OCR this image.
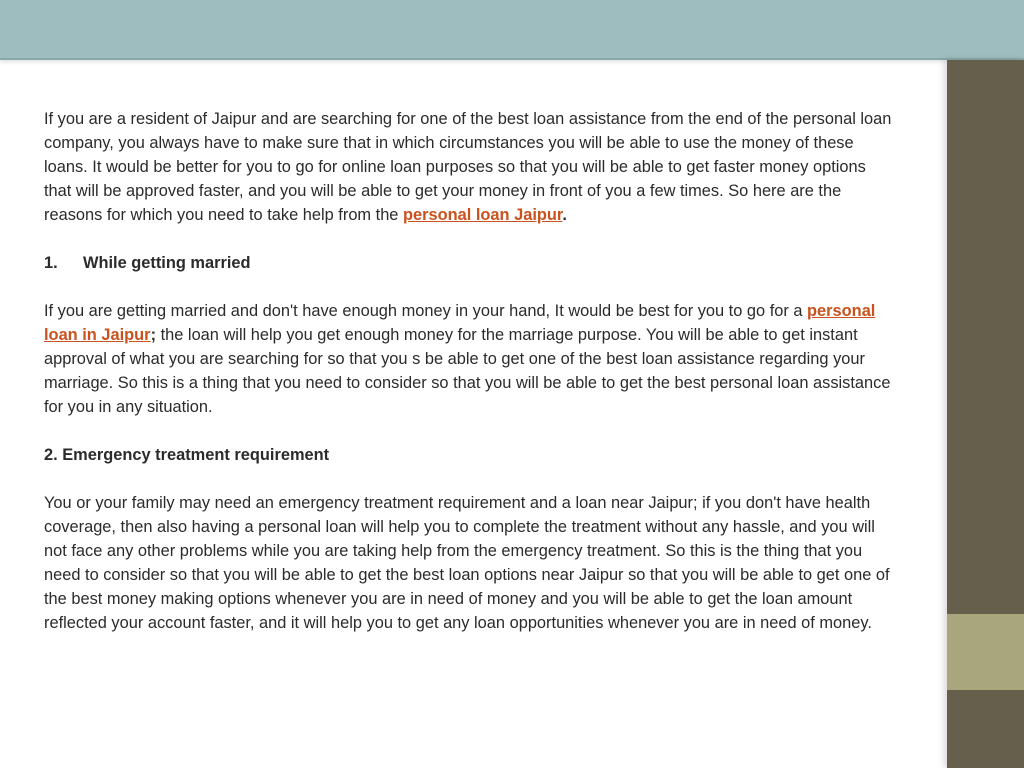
If you are a resident of Jaipur and are searching for one of the best loan assistance from the end of the personal loan company, you always have to make sure that in which circumstances you will be able to use the money of these loans. It would be better for you to go for online loan purposes so that you will be able to get faster money options that will be approved faster, and you will be able to get your money in front of you a few times. So here are the reasons for which you need to take help from the personal loan Jaipur.

1. While getting married

If you are getting married and don't have enough money in your hand, It would be best for you to go for a personal loan in Jaipur; the loan will help you get enough money for the marriage purpose. You will be able to get instant approval of what you are searching for so that you s be able to get one of the best loan assistance regarding your marriage. So this is a thing that you need to consider so that you will be able to get the best personal loan assistance for you in any situation.

2. Emergency treatment requirement

You or your family may need an emergency treatment requirement and a loan near Jaipur; if you don't have health coverage, then also having a personal loan will help you to complete the treatment without any hassle, and you will not face any other problems while you are taking help from the emergency treatment. So this is the thing that you need to consider so that you will be able to get the best loan options near Jaipur so that you will be able to get one of the best money making options whenever you are in need of money and you will be able to get the loan amount reflected your account faster, and it will help you to get any loan opportunities whenever you are in need of money.
